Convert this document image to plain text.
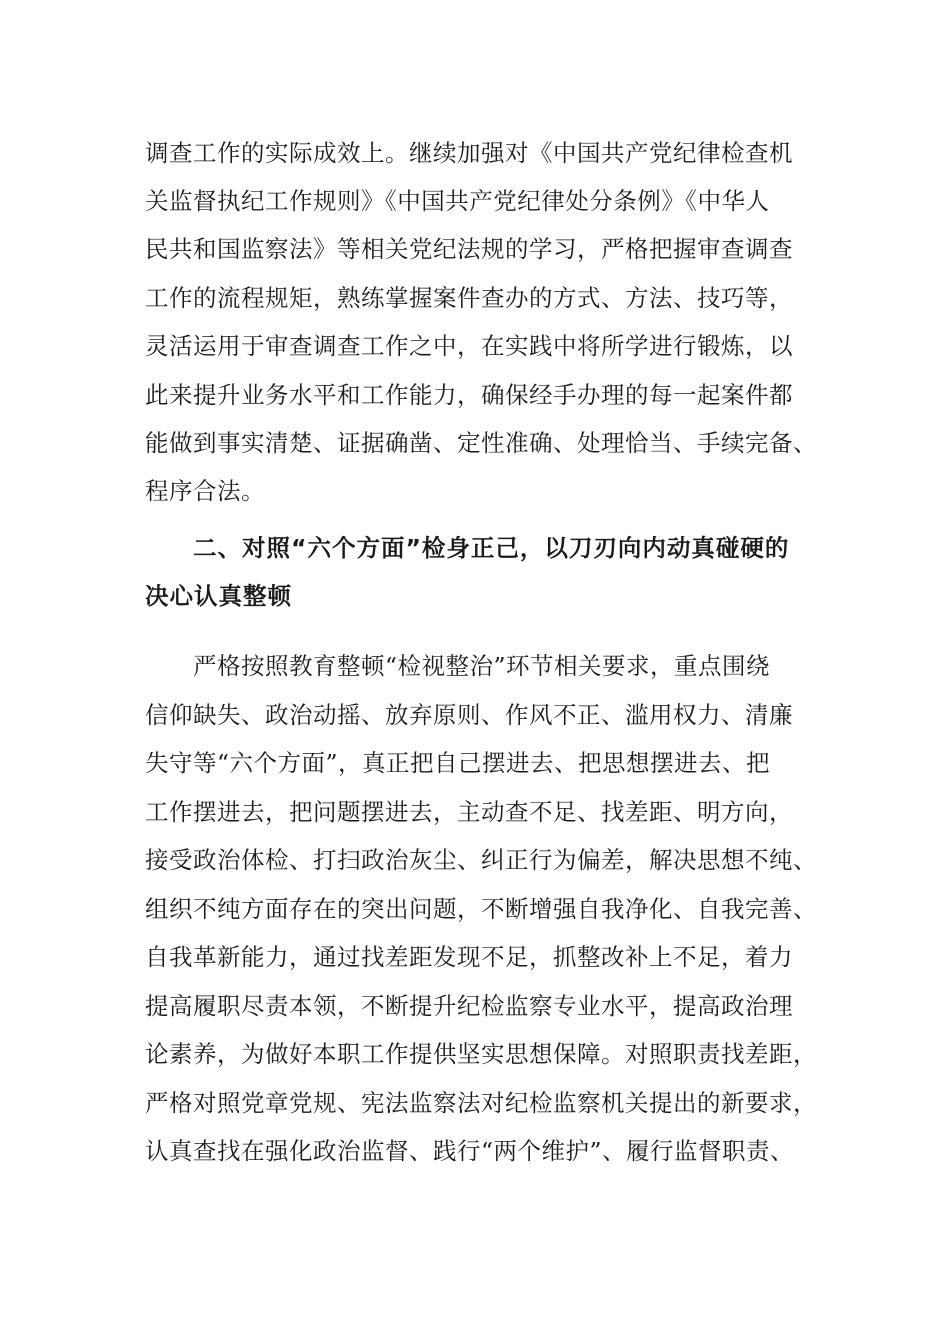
调查工作的实际成效上。继续加强对《中国共产党纪律检查机
关监督执纪工作规则》《中国共产党纪律处分条例》《中华人
民共和国监察法》等相关党纪法规的学习，严格把握审查调查
工作的流程规矩，熟练掌握案件查办的方式、方法、技巧等，
灵活运用于审查调查工作之中，在实践中将所学进行锻炼，以
此来提升业务水平和工作能力，确保经手办理的每一起案件都
能做到事实清楚、证据确凿、定性准确、处理恰当、手续完备、
程序合法。
二、对照“六个方面”检身正己，以刀刃向内动真碰硬的
决心认真整顿
严格按照教育整顿“检视整治”环节相关要求，重点围绕
信仰缺失、政治动摇、放弃原则、作风不正、滥用权力、清廉
失守等“六个方面”，真正把自己摆进去、把思想摆进去、把
工作摆进去，把问题摆进去，主动查不足、找差距、明方向，
接受政治体检、打扫政治灰尘、纠正行为偏差，解决思想不纯、
组织不纯方面存在的突出问题，不断增强自我净化、自我完善、
自我革新能力，通过找差距发现不足，抓整改补上不足，着力
提高履职尽责本领，不断提升纪检监察专业水平，提高政治理
论素养，为做好本职工作提供坚实思想保障。对照职责找差距，
严格对照党章党规、宪法监察法对纪检监察机关提出的新要求，
认真查找在强化政治监督、践行“两个维护”、履行监督职责、
